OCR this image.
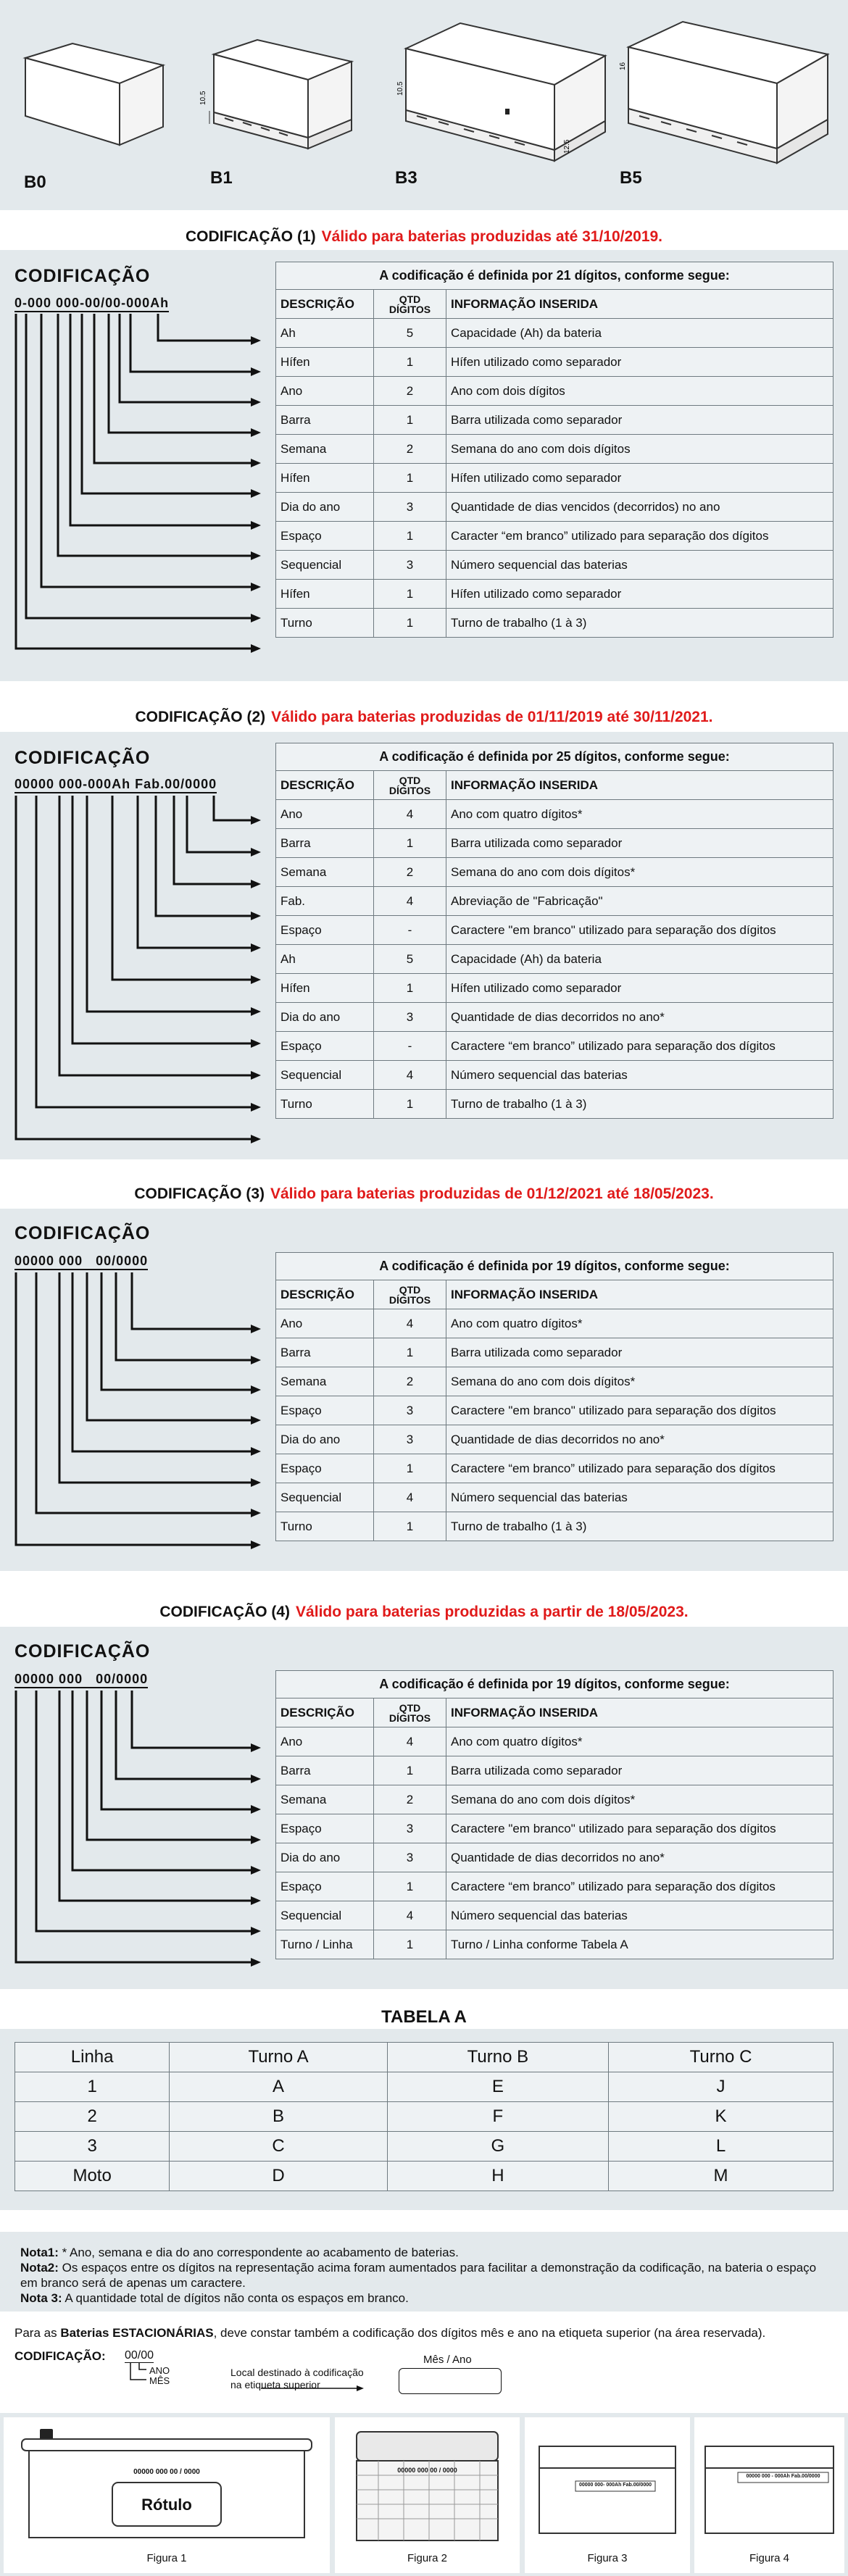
B0
10.5
B1
10.5
12.5
B3
16
B5
CODIFICAÇÃO (1) Válido para baterias produzidas até 31/10/2019.
CODIFICAÇÃO
0-000 000-00/00-000Ah
A codificação é definida por 21 dígitos, conforme segue:		
DESCRIÇÃO	QTD DÍGITOS	INFORMAÇÃO INSERIDA
Ah	5	Capacidade (Ah) da bateria
Hífen	1	Hífen utilizado como separador
Ano	2	Ano com dois dígitos
Barra	1	Barra utilizada como separador
Semana	2	Semana do ano com dois dígitos
Hífen	1	Hífen utilizado como separador
Dia do ano	3	Quantidade de dias vencidos (decorridos) no ano
Espaço	1	Caracter “em branco” utilizado para separação dos dígitos
Sequencial	3	Número sequencial das baterias
Hífen	1	Hífen utilizado como separador
Turno	1	Turno de trabalho (1 à 3)
CODIFICAÇÃO (2) Válido para baterias produzidas de 01/11/2019 até 30/11/2021.
CODIFICAÇÃO
00000 000-000Ah Fab.00/0000
A codificação é definida por 25 dígitos, conforme segue:		
DESCRIÇÃO	QTD DÍGITOS	INFORMAÇÃO INSERIDA
Ano	4	Ano com quatro dígitos*
Barra	1	Barra utilizada como separador
Semana	2	Semana do ano com dois dígitos*
Fab.	4	Abreviação de "Fabricação"
Espaço	-	Caractere "em branco" utilizado para separação dos dígitos
Ah	5	Capacidade (Ah) da bateria
Hífen	1	Hífen utilizado como separador
Dia do ano	3	Quantidade de dias decorridos no ano*
Espaço	-	Caractere “em branco” utilizado para separação dos dígitos
Sequencial	4	Número sequencial das baterias
Turno	1	Turno de trabalho (1 à 3)
CODIFICAÇÃO (3) Válido para baterias produzidas de 01/12/2021 até 18/05/2023.
CODIFICAÇÃO
00000 000   00/0000	A codificação é definida por 19 dígitos, conforme segue:		
DESCRIÇÃO	QTD DÍGITOS	INFORMAÇÃO INSERIDA
Ano	4	Ano com quatro dígitos*
Barra	1	Barra utilizada como separador
Semana	2	Semana do ano com dois dígitos*
Espaço	3	Caractere "em branco" utilizado para separação dos dígitos
Dia do ano	3	Quantidade de dias decorridos no ano*
Espaço	1	Caractere “em branco” utilizado para separação dos dígitos
Sequencial	4	Número sequencial das baterias
Turno	1	Turno de trabalho (1 à 3)
CODIFICAÇÃO (4) Válido para baterias produzidas a partir de 18/05/2023.
CODIFICAÇÃO
00000 000   00/0000	A codificação é definida por 19 dígitos, conforme segue:		
DESCRIÇÃO	QTD DÍGITOS	INFORMAÇÃO INSERIDA
Ano	4	Ano com quatro dígitos*
Barra	1	Barra utilizada como separador
Semana	2	Semana do ano com dois dígitos*
Espaço	3	Caractere "em branco" utilizado para separação dos dígitos
Dia do ano	3	Quantidade de dias decorridos no ano*
Espaço	1	Caractere “em branco” utilizado para separação dos dígitos
Sequencial	4	Número sequencial das baterias
Turno / Linha	1	Turno / Linha conforme Tabela A
TABELA A
Linha	Turno A	Turno B	Turno C
1	A	E	J
2	B	F	K
3	C	G	L
Moto	D	H	M
Nota1: * Ano, semana e dia do ano correspondente ao acabamento de baterias.
Nota2: Os espaços entre os dígitos na representação acima foram aumentados para facilitar a demonstração da codificação, na bateria o espaço em branco será de apenas um caractere.
Nota 3: A quantidade total de dígitos não conta os espaços em branco.
Para as Baterias ESTACIONÁRIAS, deve constar também a codificação dos dígitos mês e ano na etiqueta superior (na área reservada).
CODIFICAÇÃO: 00/00
ANO
MÊS
Local destinado à codificação
na etiqueta superior
Mês / Ano
00000 000 00 / 0000
Rótulo
Figura 1
00000 000 00 / 0000
Figura 2
00000 000- 000Ah Fab.00/0000
Figura 3
00000 000 - 000Ah Fab.00/0000
Figura 4
